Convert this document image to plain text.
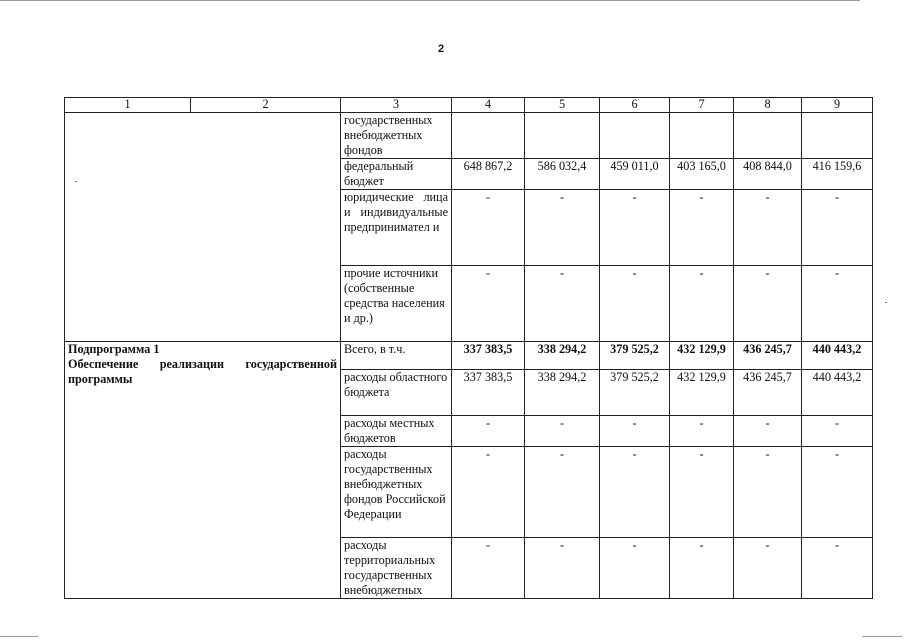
2
1	2	3	4	5	6	7	8	9
		государственных внебюджетных фондов						
		федеральный бюджет	648 867,2	586 032,4	459 011,0	403 165,0	408 844,0	416 159,6
		юридические лица и индивидуальные предпринимател и	-	-	-	-	-	-
		прочие источники (собственные средства населения и др.)	-	-	-	-	-	-

Подпрограмма 1
Обеспечение реализации государственной
программы		Всего, в т.ч.	337 383,5	338 294,2	379 525,2	432 129,9	436 245,7	440 443,2
		расходы областного бюджета	337 383,5	338 294,2	379 525,2	432 129,9	436 245,7	440 443,2
		расходы местных бюджетов	-	-	-	-	-	-
		расходы государственных внебюджетных фондов Российской Федерации	-	-	-	-	-	-
		расходы территориальных государственных внебюджетных	-	-	-	-	-	-
